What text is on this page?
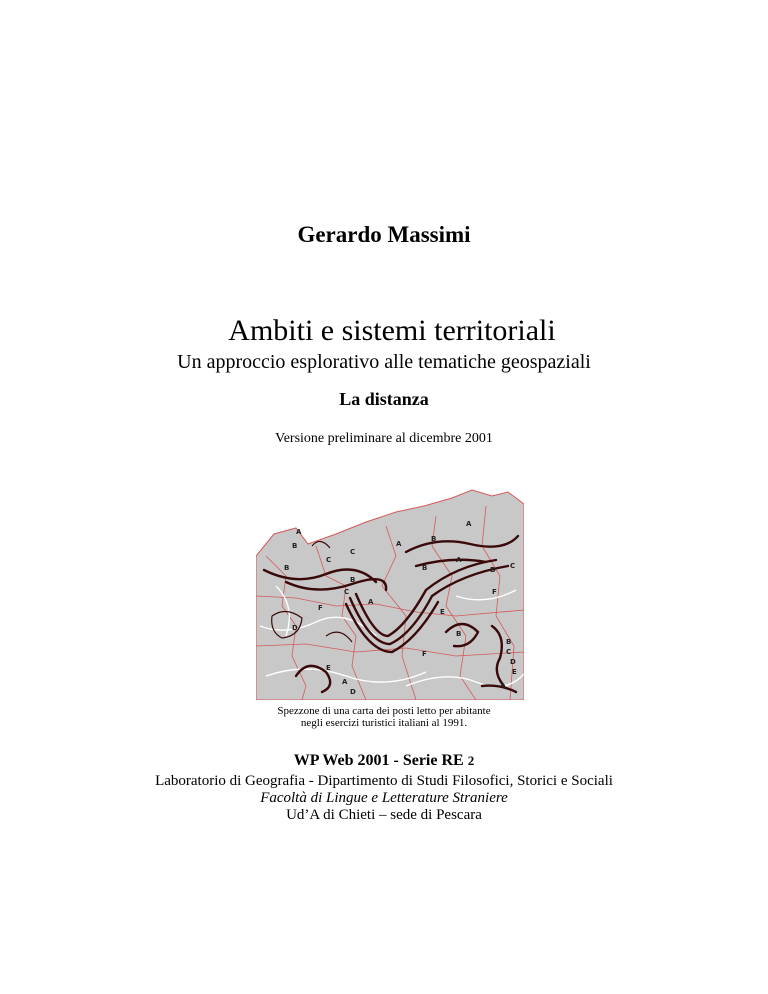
Gerardo Massimi
Ambiti e sistemi territoriali
Un approccio esplorativo alle tematiche geospaziali
La distanza
Versione preliminare al dicembre 2001
A
B
A
A
B
C
C
B	B
A
D C
B
C
A
F
F
D
E
B
B
C
D
E
E
F
A
D
A
Spezzone di una carta dei posti letto per abitante
negli esercizi turistici italiani al 1991.
WP Web 2001 - Serie RE 2
Laboratorio di Geografia - Dipartimento di Studi Filosofici, Storici e Sociali
Facoltà di Lingue e Letterature Straniere
Ud’A di Chieti – sede di Pescara
